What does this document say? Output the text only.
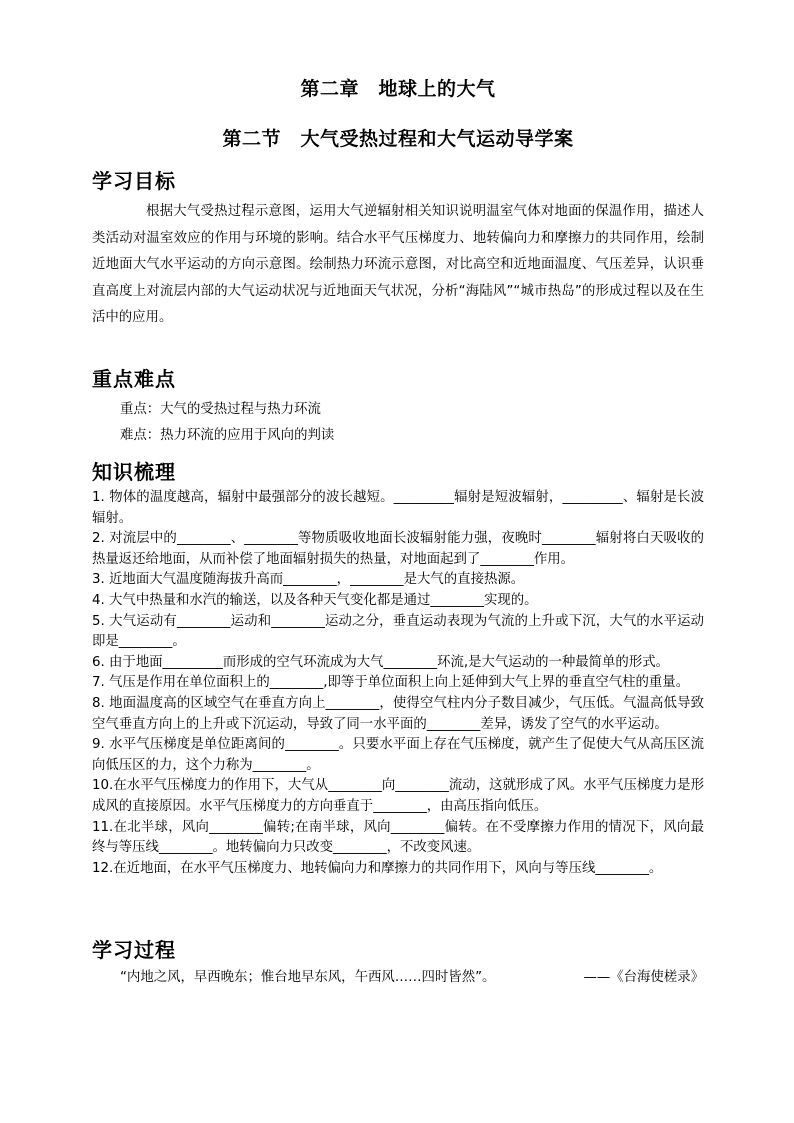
第二章　地球上的大气
第二节　大气受热过程和大气运动导学案
学习目标
根据大气受热过程示意图，运用大气逆辐射相关知识说明温室气体对地面的保温作用，描述人类活动对温室效应的作用与环境的影响。结合水平气压梯度力、地转偏向力和摩擦力的共同作用，绘制近地面大气水平运动的方向示意图。绘制热力环流示意图，对比高空和近地面温度、气压差异，认识垂直高度上对流层内部的大气运动状况与近地面天气状况，分析“海陆风”“城市热岛”的形成过程以及在生活中的应用。
重点难点
重点：大气的受热过程与热力环流
难点：热力环流的应用于风向的判读
知识梳理

1. 物体的温度越高，辐射中最强部分的波长越短。_________辐射是短波辐射，_________、辐射是长波辐射。

2. 对流层中的________、________等物质吸收地面长波辐射能力强，夜晚时________辐射将白天吸收的热量返还给地面，从而补偿了地面辐射损失的热量，对地面起到了________作用。

3. 近地面大气温度随海拔升高而________，________是大气的直接热源。

4. 大气中热量和水汽的输送，以及各种天气变化都是通过________实现的。

5. 大气运动有________运动和________运动之分，垂直运动表现为气流的上升或下沉，大气的水平运动即是________。

6. 由于地面_________而形成的空气环流成为大气________环流,是大气运动的一种最简单的形式。

7. 气压是作用在单位面积上的________,即等于单位面积上向上延伸到大气上界的垂直空气柱的重量。

8. 地面温度高的区域空气在垂直方向上________，使得空气柱内分子数目减少，气压低。气温高低导致空气垂直方向上的上升或下沉运动，导致了同一水平面的________差异，诱发了空气的水平运动。

9. 水平气压梯度是单位距离间的________。只要水平面上存在气压梯度，就产生了促使大气从高压区流向低压区的力，这个力称为________。

10.在水平气压梯度力的作用下，大气从________向________流动，这就形成了风。水平气压梯度力是形成风的直接原因。水平气压梯度力的方向垂直于________，由高压指向低压。

11.在北半球，风向________偏转;在南半球，风向________偏转。在不受摩擦力作用的情况下，风向最终与等压线________。地转偏向力只改变________，不改变风速。

12.在近地面，在水平气压梯度力、地转偏向力和摩擦力的共同作用下，风向与等压线________。

学习过程
“内地之风，早西晚东；惟台地早东风，午西风……四时皆然”。	——《台海使槎录》
